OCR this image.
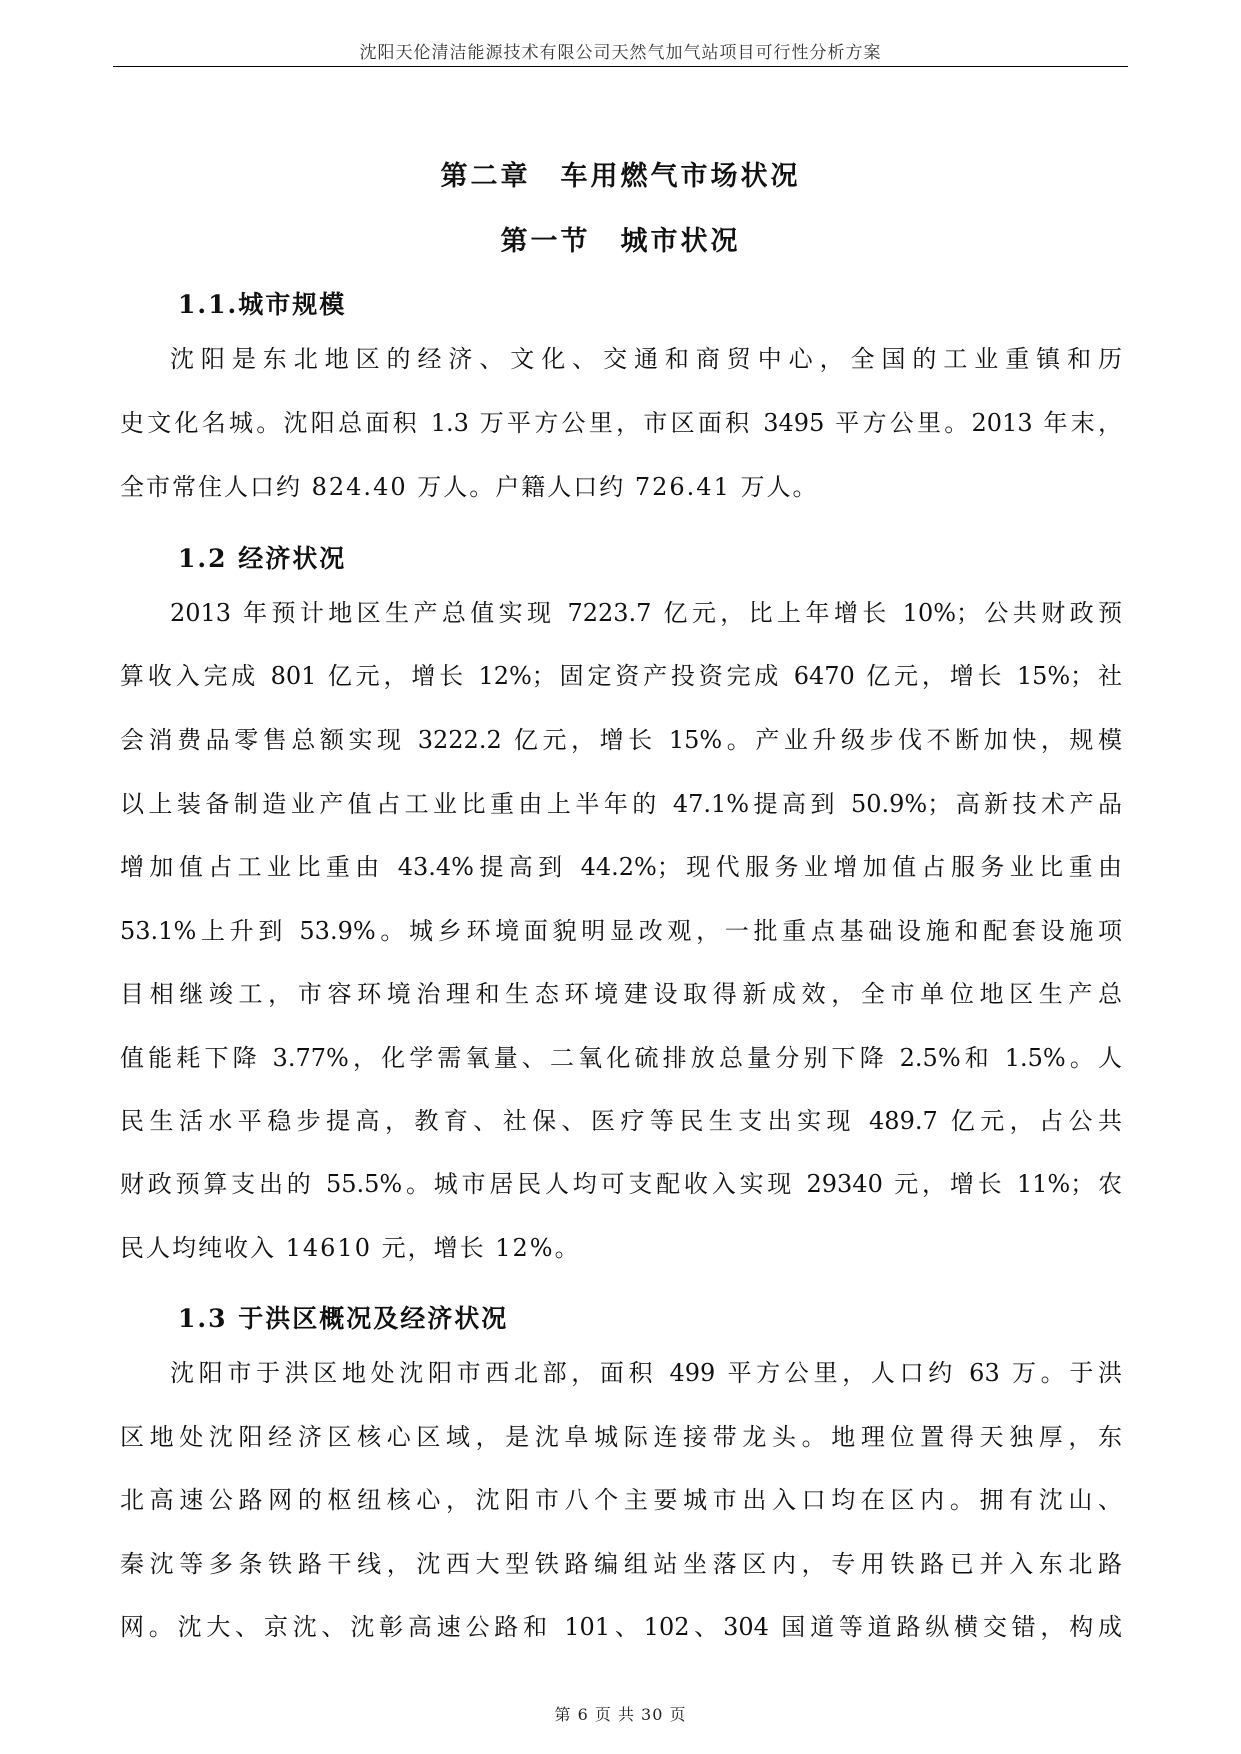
沈阳天伦清洁能源技术有限公司天然气加气站项目可行性分析方案
第二章　车用燃气市场状况
第一节　城市状况
1.1.城市规模
沈阳是东北地区的经济、文化、交通和商贸中心，全国的工业重镇和历
史文化名城。沈阳总面积 1.3 万平方公里，市区面积 3495 平方公里。2013 年末，
全市常住人口约 824.40 万人。户籍人口约 726.41 万人。
1.2 经济状况
2013 年预计地区生产总值实现 7223.7 亿元，比上年增长 10%；公共财政预
算收入完成 801 亿元，增长 12%；固定资产投资完成 6470 亿元，增长 15%；社
会消费品零售总额实现 3222.2 亿元，增长 15%。产业升级步伐不断加快，规模
以上装备制造业产值占工业比重由上半年的 47.1%提高到 50.9%；高新技术产品
增加值占工业比重由 43.4%提高到 44.2%；现代服务业增加值占服务业比重由
53.1%上升到 53.9%。城乡环境面貌明显改观，一批重点基础设施和配套设施项
目相继竣工，市容环境治理和生态环境建设取得新成效，全市单位地区生产总
值能耗下降 3.77%，化学需氧量、二氧化硫排放总量分别下降 2.5%和 1.5%。人
民生活水平稳步提高，教育、社保、医疗等民生支出实现 489.7 亿元，占公共
财政预算支出的 55.5%。城市居民人均可支配收入实现 29340 元，增长 11%；农
民人均纯收入 14610 元，增长 12%。
1.3 于洪区概况及经济状况
沈阳市于洪区地处沈阳市西北部，面积 499 平方公里，人口约 63 万。于洪
区地处沈阳经济区核心区域，是沈阜城际连接带龙头。地理位置得天独厚，东
北高速公路网的枢纽核心，沈阳市八个主要城市出入口均在区内。拥有沈山、
秦沈等多条铁路干线，沈西大型铁路编组站坐落区内，专用铁路已并入东北路
网。沈大、京沈、沈彰高速公路和 101、102、304 国道等道路纵横交错，构成
第 6 页 共 30 页
